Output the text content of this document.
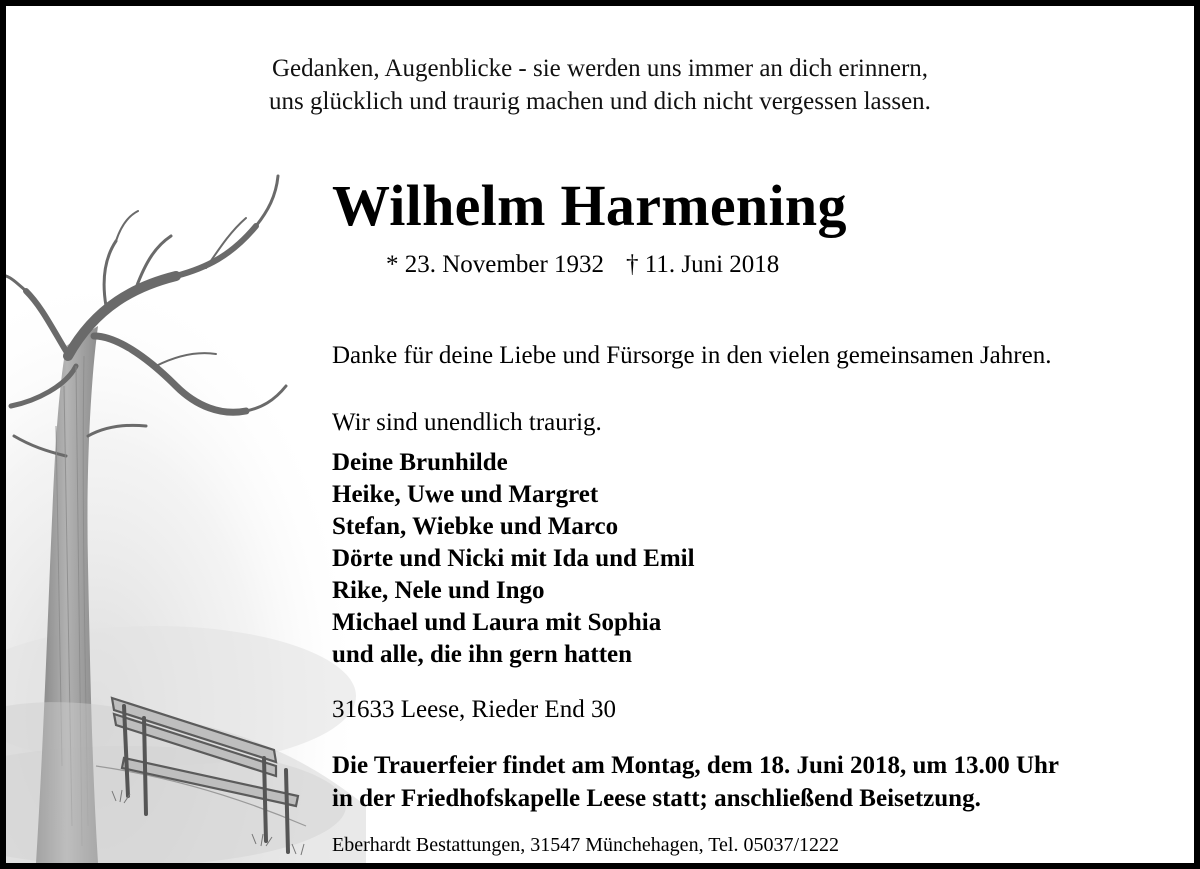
Gedanken, Augenblicke - sie werden uns immer an dich erinnern,
uns glücklich und traurig machen und dich nicht vergessen lassen.
Wilhelm Harmening
* 23. November 1932 † 11. Juni 2018
Danke für deine Liebe und Fürsorge in den vielen gemeinsamen Jahren.
Wir sind unendlich traurig.
Deine Brunhilde
Heike, Uwe und Margret
Stefan, Wiebke und Marco
Dörte und Nicki mit Ida und Emil
Rike, Nele und Ingo
Michael und Laura mit Sophia
und alle, die ihn gern hatten
31633 Leese, Rieder End 30
Die Trauerfeier findet am Montag, dem 18. Juni 2018, um 13.00 Uhr
in der Friedhofskapelle Leese statt; anschließend Beisetzung.
Eberhardt Bestattungen, 31547 Münchehagen, Tel. 05037/1222
